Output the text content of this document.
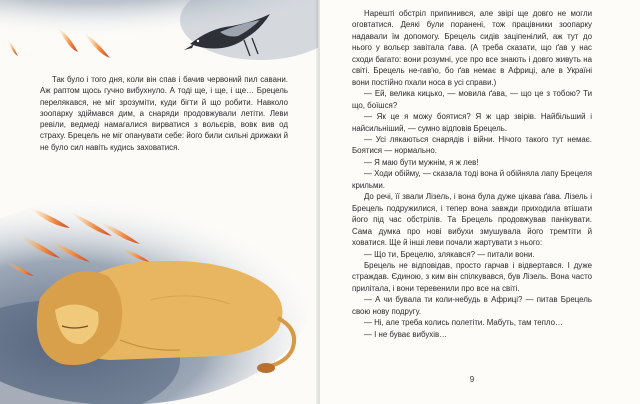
Так було і того дня, коли він спав і бачив червоний пил савани. Аж раптом щось гучно вибухнуло. А тоді ще, і ще, і ще… Брецель перелякався, не міг зрозуміти, куди бігти й що робити. Навколо зоопарку здіймався дим, а снаряди продовжували летіти. Леви ревіли, ведмеді намагалися вирватися з вольєрів, вовк вив од страху. Брецель не міг опанувати себе: його били сильні дрижаки й не було сил навіть кудись заховатися.

Нарешті обстріл припинився, але звірі ще довго не могли оговтатися. Деякі були поранені, тож працівники зоопарку надавали їм допомогу. Брецель сидів заціпенілий, аж тут до нього у вольєр завітала ґава. (А треба сказати, що ґав у нас сходи багато: вони розумні, усе про все знають і довго живуть на світі. Брецель не-гав'ю, бо ґав немає в Африці, але в Україні вони постійно пхали носа в усі справи.)

— Ей, велика кицько, — мовила ґава, — що це з тобою? Ти що, боїшся?

— Як це я можу боятися? Я ж цар звірів. Найбільший і найсильніший, — сумно відповів Брецель.

— Усі лякаються снарядів і війни. Нічого такого тут немає. Боятися — нормально.

— Я маю бути мужнім, я ж лев!

— Ходи обійму, — сказала тоді вона й обійняла лапу Брецеля крильми.

До речі, її звали Лізель, і вона була дуже цікава ґава. Лізель і Брецель подружилися, і тепер вона завжди приходила втішати його під час обстрілів. Та Брецель продовжував панікувати. Сама думка про нові вибухи змушувала його тремтіти й ховатися. Ще й інші леви почали жартувати з нього:

— Що ти, Брецелю, злякався? — питали вони.

Брецель не відповідав, просто гарчав і відвертався. І дуже страждав. Єдиною, з ким він спілкувався, був Лізель. Вона часто прилітала, і вони теревенили про все на світі.

— А чи бувала ти коли-небудь в Африці? — питав Брецель свою нову подругу.

— Ні, але треба колись полетіти. Мабуть, там тепло…

— І не буває вибухів…

9
